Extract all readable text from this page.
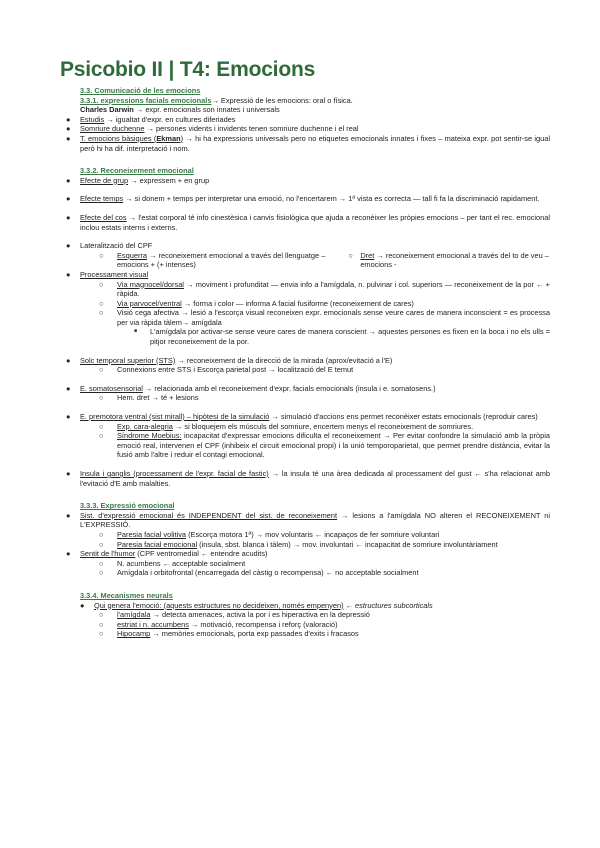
Psicobio II | T4: Emocions
3.3. Comunicació de les emocions

3.3.1. expressions facials emocionals→ Expressió de les emocions: oral o física.

Charles Darwin → expr. emocionals son innates i universals

● Estudis → igualtat d'expr. en cultures diferiades
● Somriure duchenne → persones vidents i invidents tenen somriure duchenne i el real
● T. emocions bàsiques (Ekman) → hi ha expressions universals pero no etiquetes emocionals innates i fixes – mateixa expr. pot sentir-se igual però hi ha dif. interpretació i nom.
3.3.2. Reconeixement emocional
● Efecte de grup → expressem + en grup
● Efecte temps → si donem + temps per interpretar una emoció, no l'encertarem → 1ª vista es correcta — tall fi fa la discriminació rapidament.
● Efecte del cos → l'estat corporal té info cinestèsica i canvis fisiològica que ajuda a reconèixer les pròpies emocions – per tant el rec. emocional inclou estats interns i externs.
● Lateralització del CPF
○ Esquerra → reconeixement emocional a través del llenguatge – emocions + (+ intenses)
○ Dret → reconeixement emocional a través del to de veu – emocions -
● Processament visual
○ Via magnocel/dorsal → moviment i profunditat — envia info a l'amígdala, n. pulvinar i col. superiors — reconeixement de la por ← + ràpida.
○ Via parvocel/ventral → forma i color — informa A facial fusiforme (reconeixement de cares)
○ Visió cega afectiva → lesió a l'escorça visual reconeixen expr. emocionals sense veure cares de manera inconscient = es processa per via ràpida tàlem→ amígdala
■ L'amígdala por activar-se sense veure cares de manera conscient → aquestes persones es fixen en la boca i no els ulls = pitjor reconeixement de la por.
● Solc temporal superior (STS) → reconeixement de la direcció de la mirada (aprox/evitació a l'E)
○ Connexions entre STS i Escorça parietal post → localització del E temut
● E. somatosensorial → relacionada amb el reconeixement d'expr. facials emocionals (insula i e. somatosens.)
○ Hem. dret → té + lesions
● E. premotora ventral (sist mirall) – hipòtesi de la simulació → simulació d'accions ens permet reconèixer estats emocionals (reproduir cares)
○ Exp. cara-alegria → si bloquejem els músculs del somriure, encertem menys el reconeixement de somriures.
○ Síndrome Moebius: incapacitat d'expressar emocions dificulta el reconeixement → Per evitar confondre la simulació amb la pròpia emoció real, intervenen el CPF (inhibeix el circuit emocional propi) i la unió temporoparietal, que permet prendre distància, evitar la fusió amb l'altre i reduir el contagi emocional.
● Insula i ganglis (processament de l'expr. facial de fastic) → la insula té una àrea dedicada al processament del gust ← s'ha relacionat amb l'evitació d'E amb malalties.
3.3.3. Expressió emocional
● Sist. d'expressió emocional és INDEPENDENT del sist. de reconeixement → lesions a l'amígdala NO alteren el RECONEIXEMENT ni L'EXPRESSIÓ.
○ Paresia facial volitiva (Escorça motora 1ª) → mov voluntaris ← incapaços de fer somriure voluntari
○ Paresia facial emocional (insula, sbst. blanca i tàlem) → mov. involuntari ← incapacitat de somriure involuntàriament
● Sentit de l'humor (CPF ventromedial ← entendre acudits)
○ N. acumbens ← acceptable socialment
○ Amígdala i orbitofrontal (encarregada del càstig o recompensa) ← no acceptable socialment
3.3.4. Mecanismes neurals
● Qui genera l'emoció: (aquests estructures no decideixen, només empenyen) ← estructures subcorticals
○ l'amígdala → detecta amenaces, activa la por i es hiperactiva en la depressió
○ estriat i n. accumbens → motivació, recompensa i reforç (valoració)
○ Hipocamp → memòries emocionals, porta exp passades d'exits i fracasos
